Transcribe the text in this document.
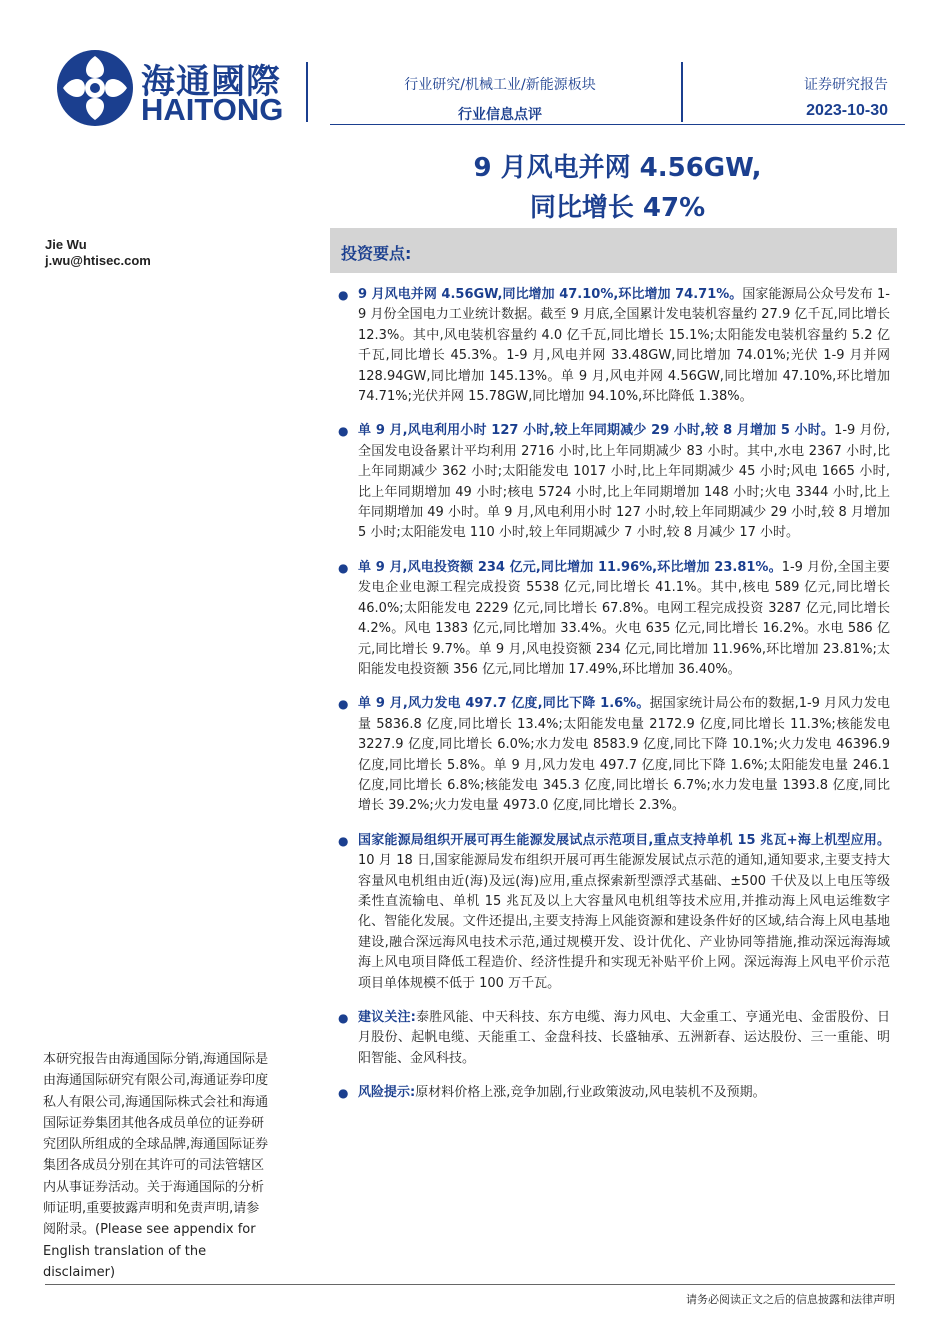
海通國際
HAITONG
行业研究/机械工业/新能源板块
行业信息点评
证券研究报告
2023-10-30
9 月风电并网 4.56GW,
同比增长 47%
Jie Wu
j.wu@htisec.com	投资要点:
● 9 月风电并网 4.56GW,同比增加 47.10%,环比增加 74.71%。国家能源局公众号发布 1-9 月份全国电力工业统计数据。截至 9 月底,全国累计发电装机容量约 27.9 亿千瓦,同比增长 12.3%。其中,风电装机容量约 4.0 亿千瓦,同比增长 15.1%;太阳能发电装机容量约 5.2 亿千瓦,同比增长 45.3%。1-9 月,风电并网 33.48GW,同比增加 74.01%;光伏 1-9 月并网 128.94GW,同比增加 145.13%。单 9 月,风电并网 4.56GW,同比增加 47.10%,环比增加 74.71%;光伏并网 15.78GW,同比增加 94.10%,环比降低 1.38%。
● 单 9 月,风电利用小时 127 小时,较上年同期减少 29 小时,较 8 月增加 5 小时。1-9 月份,全国发电设备累计平均利用 2716 小时,比上年同期减少 83 小时。其中,水电 2367 小时,比上年同期减少 362 小时;太阳能发电 1017 小时,比上年同期减少 45 小时;风电 1665 小时,比上年同期增加 49 小时;核电 5724 小时,比上年同期增加 148 小时;火电 3344 小时,比上年同期增加 49 小时。单 9 月,风电利用小时 127 小时,较上年同期减少 29 小时,较 8 月增加 5 小时;太阳能发电 110 小时,较上年同期减少 7 小时,较 8 月减少 17 小时。
● 单 9 月,风电投资额 234 亿元,同比增加 11.96%,环比增加 23.81%。1-9 月份,全国主要发电企业电源工程完成投资 5538 亿元,同比增长 41.1%。其中,核电 589 亿元,同比增长 46.0%;太阳能发电 2229 亿元,同比增长 67.8%。电网工程完成投资 3287 亿元,同比增长 4.2%。风电 1383 亿元,同比增加 33.4%。火电 635 亿元,同比增长 16.2%。水电 586 亿元,同比增长 9.7%。单 9 月,风电投资额 234 亿元,同比增加 11.96%,环比增加 23.81%;太阳能发电投资额 356 亿元,同比增加 17.49%,环比增加 36.40%。
● 单 9 月,风力发电 497.7 亿度,同比下降 1.6%。据国家统计局公布的数据,1-9 月风力发电量 5836.8 亿度,同比增长 13.4%;太阳能发电量 2172.9 亿度,同比增长 11.3%;核能发电 3227.9 亿度,同比增长 6.0%;水力发电 8583.9 亿度,同比下降 10.1%;火力发电 46396.9 亿度,同比增长 5.8%。单 9 月,风力发电 497.7 亿度,同比下降 1.6%;太阳能发电量 246.1 亿度,同比增长 6.8%;核能发电 345.3 亿度,同比增长 6.7%;水力发电量 1393.8 亿度,同比增长 39.2%;火力发电量 4973.0 亿度,同比增长 2.3%。
● 国家能源局组织开展可再生能源发展试点示范项目,重点支持单机 15 兆瓦+海上机型应用。10 月 18 日,国家能源局发布组织开展可再生能源发展试点示范的通知,通知要求,主要支持大容量风电机组由近(海)及远(海)应用,重点探索新型漂浮式基础、±500 千伏及以上电压等级柔性直流输电、单机 15 兆瓦及以上大容量风电机组等技术应用,并推动海上风电运维数字化、智能化发展。文件还提出,主要支持海上风能资源和建设条件好的区域,结合海上风电基地建设,融合深远海风电技术示范,通过规模开发、设计优化、产业协同等措施,推动深远海海域海上风电项目降低工程造价、经济性提升和实现无补贴平价上网。深远海海上风电平价示范项目单体规模不低于 100 万千瓦。
● 建议关注:泰胜风能、中天科技、东方电缆、海力风电、大金重工、亨通光电、金雷股份、日月股份、起帆电缆、天能重工、金盘科技、长盛轴承、五洲新春、运达股份、三一重能、明阳智能、金风科技。
● 风险提示:原材料价格上涨,竞争加剧,行业政策波动,风电装机不及预期。
本研究报告由海通国际分销,海通国际是由海通国际研究有限公司,海通证券印度私人有限公司,海通国际株式会社和海通国际证券集团其他各成员单位的证券研究团队所组成的全球品牌,海通国际证券集团各成员分别在其许可的司法管辖区内从事证券活动。关于海通国际的分析师证明,重要披露声明和免责声明,请参阅附录。(Please see appendix for English translation of the disclaimer)
请务必阅读正文之后的信息披露和法律声明
